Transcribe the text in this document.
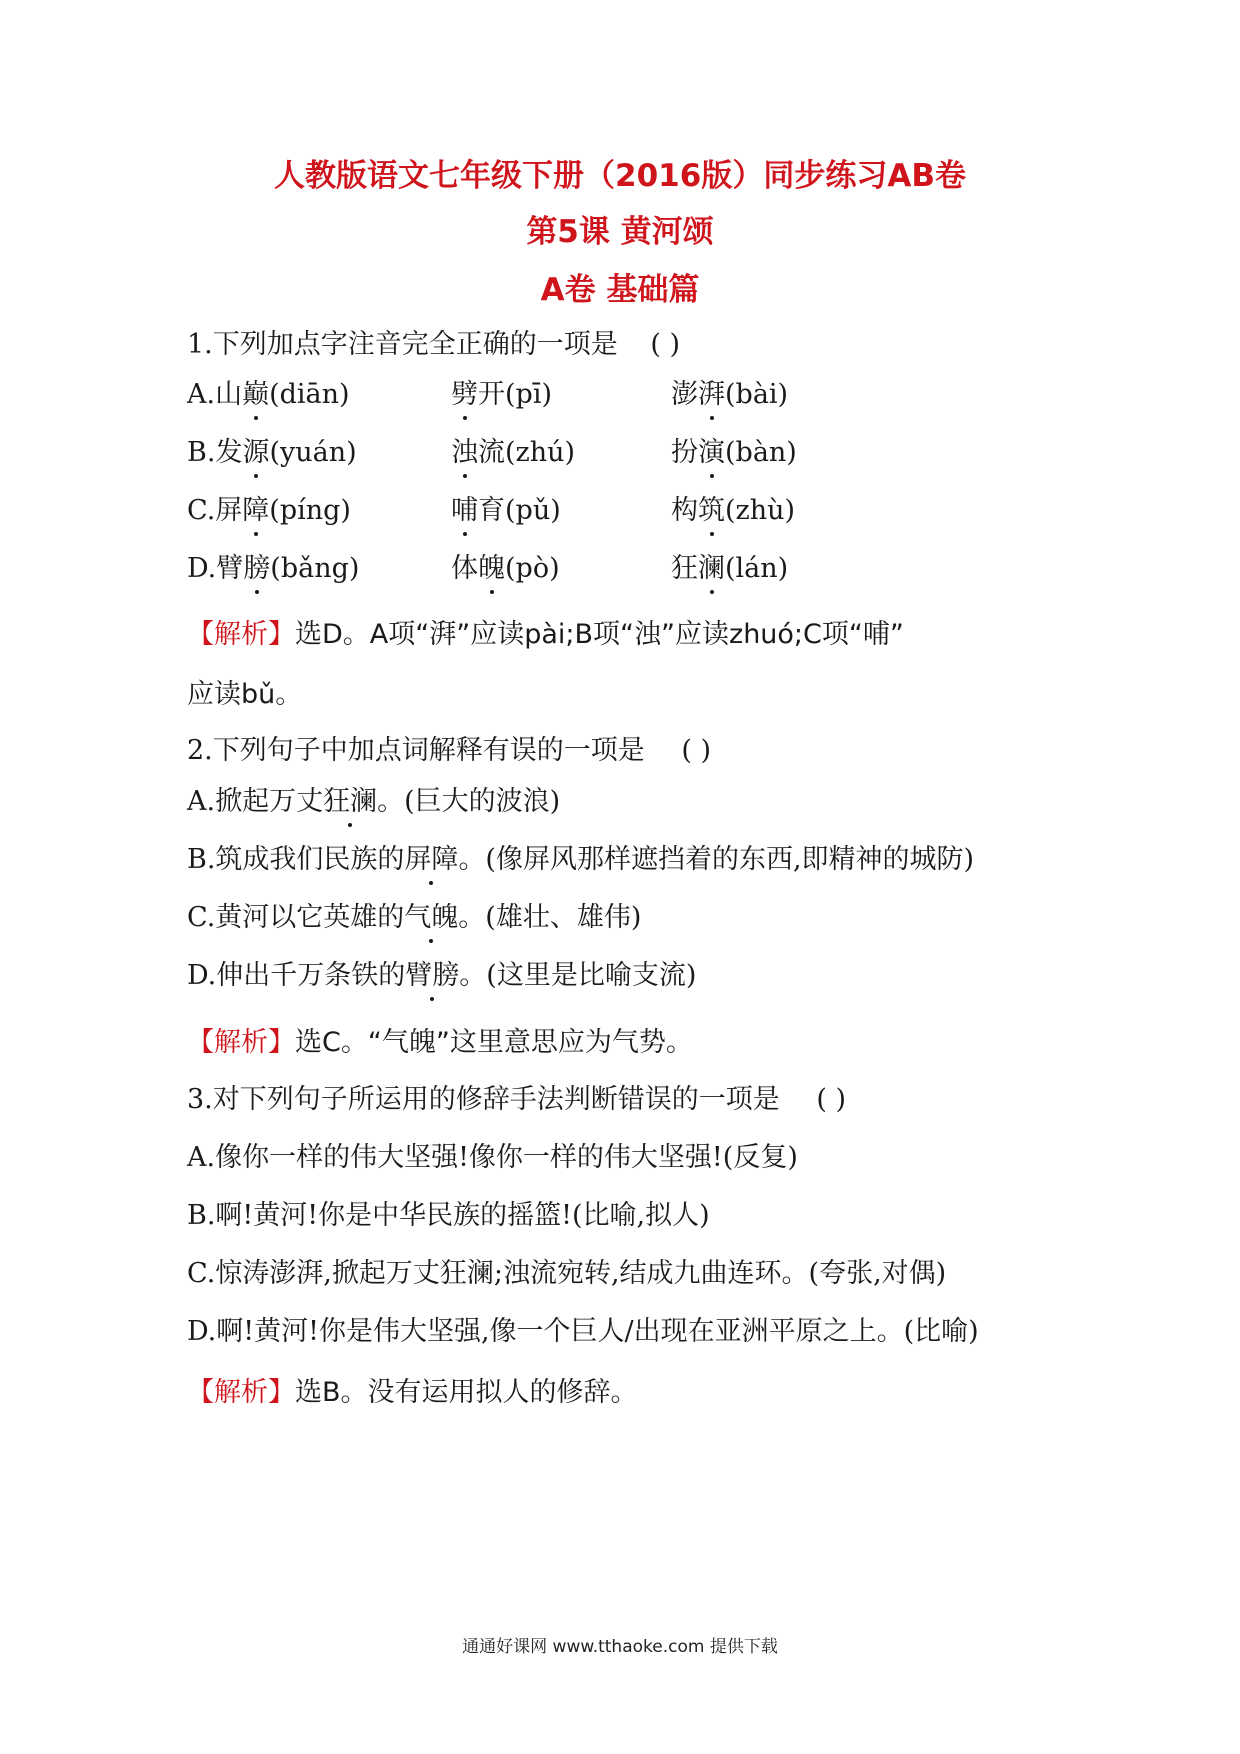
人教版语文七年级下册（2016版）同步练习AB卷
第5课 黄河颂
A卷 基础篇
1.下列加点字注音完全正确的一项是 ( )
A.山巅(diān)	劈开(pī)	澎湃(bài)
B.发源(yuán)	浊流(zhú)	扮演(bàn)
C.屏障(píng)	哺育(pǔ)	构筑(zhù)
D.臂膀(bǎng)	体魄(pò)	狂澜(lán)
【解析】选D。A项“湃”应读pài;B项“浊”应读zhuó;C项“哺”
应读bǔ。
2.下列句子中加点词解释有误的一项是 ( )
A.掀起万丈狂澜。(巨大的波浪)
B.筑成我们民族的屏障。(像屏风那样遮挡着的东西,即精神的城防)
C.黄河以它英雄的气魄。(雄壮、雄伟)
D.伸出千万条铁的臂膀。(这里是比喻支流)
【解析】选C。“气魄”这里意思应为气势。
3.对下列句子所运用的修辞手法判断错误的一项是 ( )
A.像你一样的伟大坚强!像你一样的伟大坚强!(反复)
B.啊!黄河!你是中华民族的摇篮!(比喻,拟人)
C.惊涛澎湃,掀起万丈狂澜;浊流宛转,结成九曲连环。(夸张,对偶)
D.啊!黄河!你是伟大坚强,像一个巨人/出现在亚洲平原之上。(比喻)
【解析】选B。没有运用拟人的修辞。
通通好课网 www.tthaoke.com 提供下载
